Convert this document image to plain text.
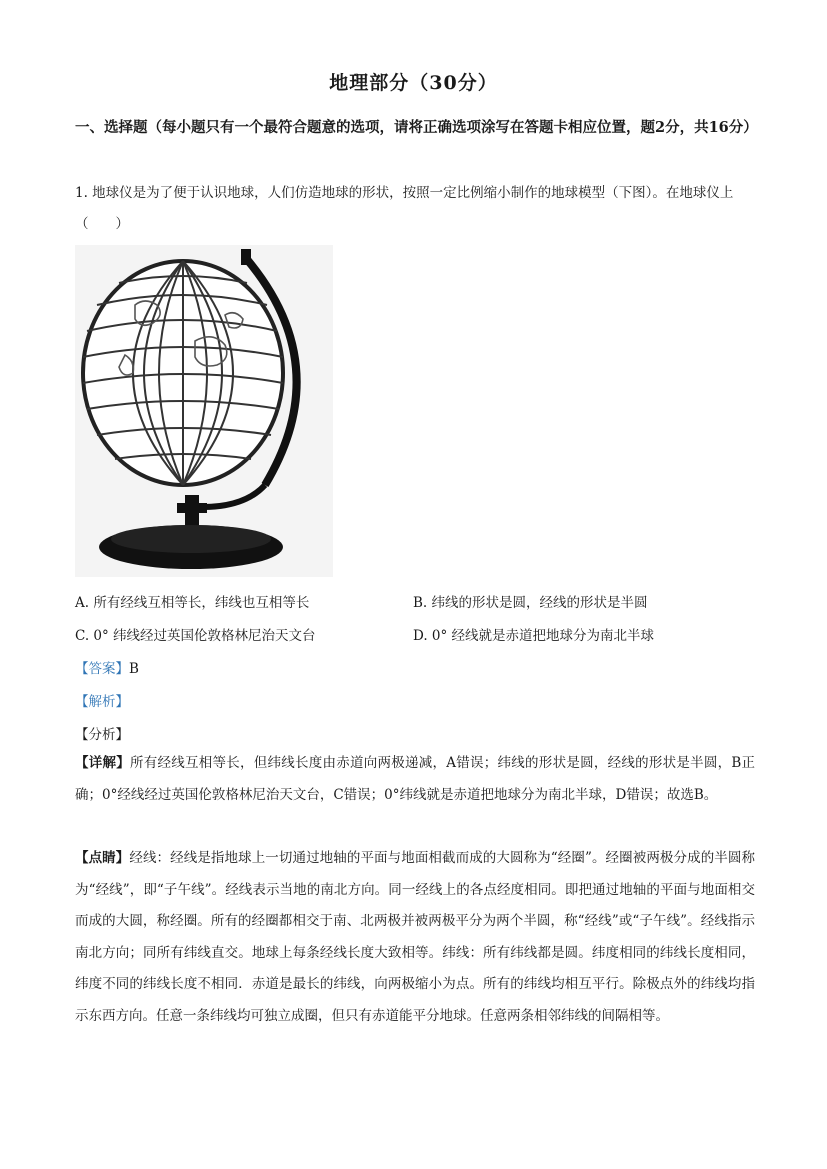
地理部分（30分）
一、选择题（每小题只有一个最符合题意的选项，请将正确选项涂写在答题卡相应位置，题2分，共16分）
1. 地球仪是为了便于认识地球，人们仿造地球的形状，按照一定比例缩小制作的地球模型（下图）。在地球仪上（　　）
A. 所有经线互相等长，纬线也互相等长	B. 纬线的形状是圆，经线的形状是半圆
C. 0° 纬线经过英国伦敦格林尼治天文台	D. 0° 经线就是赤道把地球分为南北半球
【答案】B
【解析】
【分析】
【详解】所有经线互相等长，但纬线长度由赤道向两极递减，A错误；纬线的形状是圆，经线的形状是半圆，B正确；0°经线经过英国伦敦格林尼治天文台，C错误；0°纬线就是赤道把地球分为南北半球，D错误；故选B。
【点睛】经线：经线是指地球上一切通过地轴的平面与地面相截而成的大圆称为“经圈”。经圈被两极分成的半圆称为“经线”，即“子午线”。经线表示当地的南北方向。同一经线上的各点经度相同。即把通过地轴的平面与地面相交而成的大圆，称经圈。所有的经圈都相交于南、北两极并被两极平分为两个半圆，称“经线”或“子午线”。经线指示南北方向；同所有纬线直交。地球上每条经线长度大致相等。纬线：所有纬线都是圆。纬度相同的纬线长度相同，纬度不同的纬线长度不相同．赤道是最长的纬线，向两极缩小为点。所有的纬线均相互平行。除极点外的纬线均指示东西方向。任意一条纬线均可独立成圈，但只有赤道能平分地球。任意两条相邻纬线的间隔相等。
